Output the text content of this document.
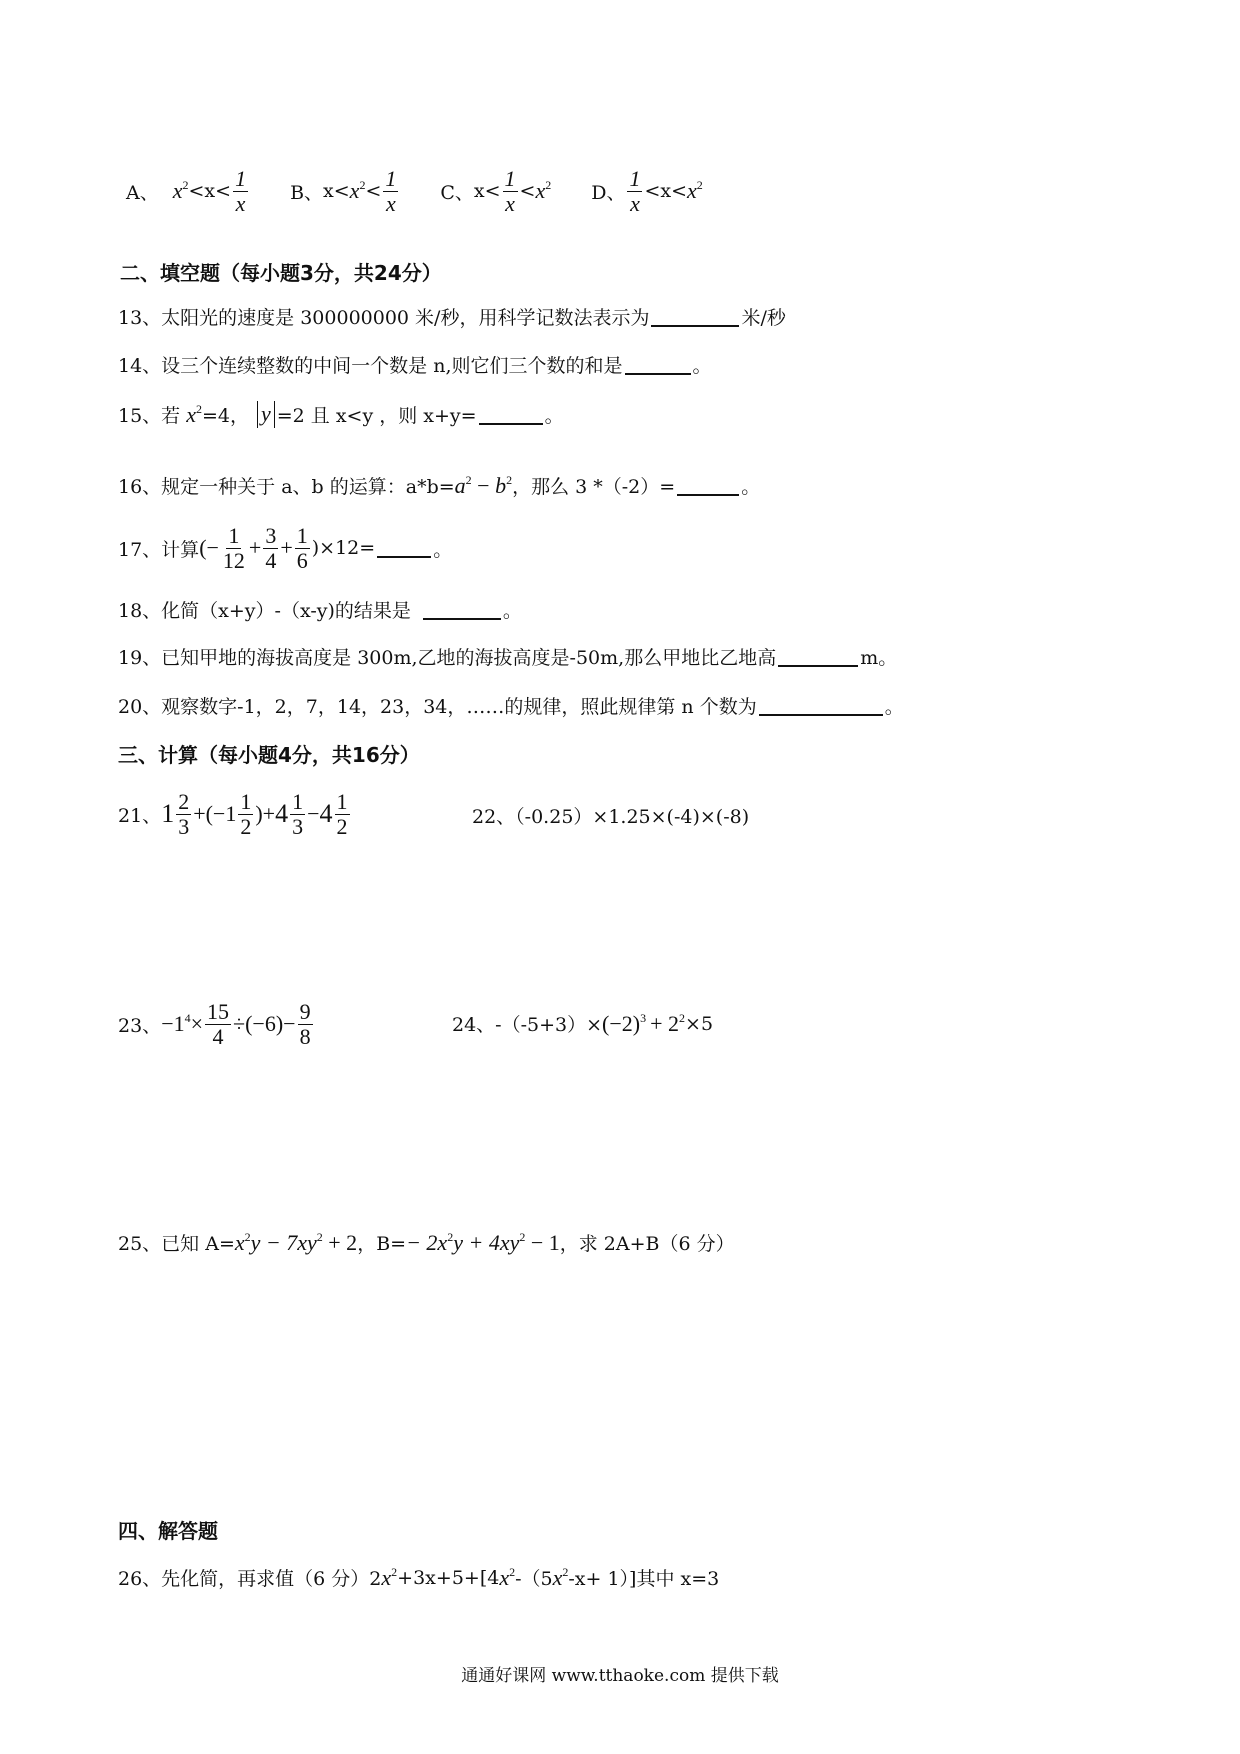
A、 $x^2 <x< \frac{1}{x}$ B、 $x< x^2 < \frac{1}{x}$ C、 $x< \frac{1}{x} < x^2$ D、 $\frac{1}{x} <x< x^2$
二、填空题（每小题3分，共24分）
13、太阳光的速度是 300000000 米/秒，用科学记数法表示为	米/秒
14、设三个连续整数的中间一个数是 n,则它们三个数的和是	。
15、若 $x^2 =4$， y =2 且 x<y ，则 x+y=	。
16、规定一种关于 a、b 的运算：$a*b= a^2 - b^2$ ，那么 3 *（-2）=	。
17、计算 (− $\frac{1}{12} + \frac{3}{4} + \frac{1}{6} )\times 12=$	。
18、化简（x+y）-（x-y)的结果是	。
19、已知甲地的海拔高度是 300m,乙地的海拔高度是-50m,那么甲地比乙地高	m。
20、观察数字-1，2，7，14，23，34，……的规律，照此规律第 n 个数为	。
三、计算（每小题4分，共16分）
21、 $1 \frac{2}{3} + (-1 \frac{1}{2}$ ) + $4 \frac{1}{3} - 4 \frac{1}{2}$	22、（-0.25）×1.25×(-4)×(-8)
23、 $-1^4 \times \frac{15}{4} \div(-6)- \frac{9}{8}$	24、$-(-5+3)\times (-2)^3 + 2^2 \times 5$
25、已知 $A= x^2y - 7xy^2 + 2$ ，$B= - 2x^2y + 4xy^2 - 1$ ，求 2A+B（6 分）
四、解答题
26、先化简，再求值（6 分）2 $x^2 +3x+5+[4$ $x^2$ -（5 $x^2$ -x+ 1）]其中 x=3
通通好课网 www.tthaoke.com 提供下载
